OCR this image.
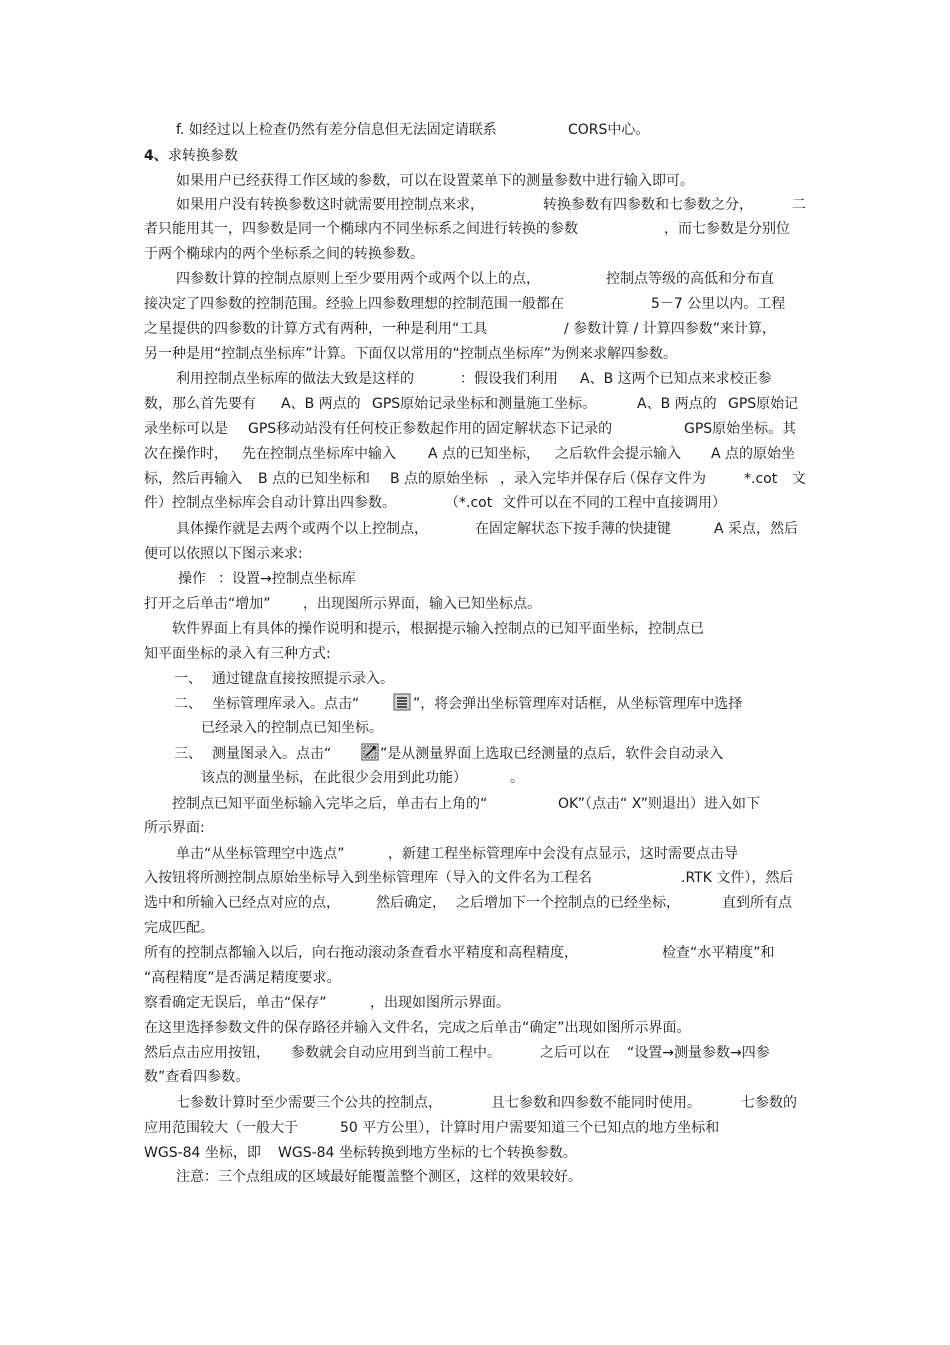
f. 如经过以上检查仍然有差分信息但无法固定请联系	CORS中心。
4、 求转换参数
如果用户已经获得工作区域的参数，可以在设置菜单下的测量参数中进行输入即可。
如果用户没有转换参数这时就需要用控制点来求，	转换参数有四参数和七参数之分，	二
者只能用其一，四参数是同一个椭球内不同坐标系之间进行转换的参数	，而七参数是分别位
于两个椭球内的两个坐标系之间的转换参数。
四参数计算的控制点原则上至少要用两个或两个以上的点，	控制点等级的高低和分布直
接决定了四参数的控制范围。经验上四参数理想的控制范围一般都在	5－7 公里以内。工程
之星提供的四参数的计算方式有两种，一种是利用“工具	/ 参数计算 / 计算四参数”来计算，
另一种是用“控制点坐标库”计算。下面仅以常用的“控制点坐标库”为例来求解四参数。
利用控制点坐标库的做法大致是这样的	：假设我们利用 A、B 这两个已知点来求校正参
数，那么首先要有 A、B 两点的 GPS原始记录坐标和测量施工坐标。	A、B 两点的 GPS原始记
录坐标可以是 GPS移动站没有任何校正参数起作用的固定解状态下记录的	GPS原始坐标。其
次在操作时， 先在控制点坐标库中输入 A 点的已知坐标， 之后软件会提示输入 A 点的原始坐
标，然后再输入 B 点的已知坐标和 B 点的原始坐标 ，录入完毕并保存后
（保存文件为	*.cot 文
件）控制点坐标库会自动计算出四参数。	（*.cot 文件可以在不同的工程中直接调用）
具体操作就是去两个或两个以上控制点，	在固定解状态下按手薄的快捷键	A 采点，然后
便可以依照以下图示来求:
操作 ：设置→控制点坐标库
打开之后单击“增加” ，出现图所示界面，输入已知坐标点。
软件界面上有具体的操作说明和提示，根据提示输入控制点的已知平面坐标，控制点已
知平面坐标的录入有三种方式:
一、 通过键盘直接按照提示录入。
二、 坐标管理库录入。点击“	”，将会弹出坐标管理库对话框，从坐标管理库中选择
已经录入的控制点已知坐标。
三、 测量图录入。点击“	”是从测量界面上选取已经测量的点后，软件会自动录入
该点的测量坐标，在此很少会用到此功能）	。
控制点已知平面坐标输入完毕之后，单击右上角的“	OK”（点击“ X”则退出）进入如下
所示界面:
单击“从坐标管理空中选点”	，新建工程坐标管理库中会没有点显示，这时需要点击导
入按钮将所测控制点原始坐标导入到坐标管理库（导入的文件名为工程名	.RTK 文件），然后
选中和所输入已经点对应的点，	然后确定， 之后增加下一个控制点的已经坐标，	直到所有点
完成匹配。
所有的控制点都输入以后，向右拖动滚动条查看水平精度和高程精度，	检查“水平精度”和
“高程精度”是否满足精度要求。
察看确定无误后，单击“保存”	，出现如图所示界面。
在这里选择参数文件的保存路径并输入文件名，完成之后单击“确定”出现如图所示界面。
然后点击应用按钮， 参数就会自动应用到当前工程中。	之后可以在 “设置→测量参数→四参
数”查看四参数。
七参数计算时至少需要三个公共的控制点，	且七参数和四参数不能同时使用。	七参数的
应用范围较大（一般大于	50 平方公里），计算时用户需要知道三个已知点的地方坐标和
WGS-84 坐标，即 WGS-84 坐标转换到地方坐标的七个转换参数。
注意：三个点组成的区域最好能覆盖整个测区，这样的效果较好。
